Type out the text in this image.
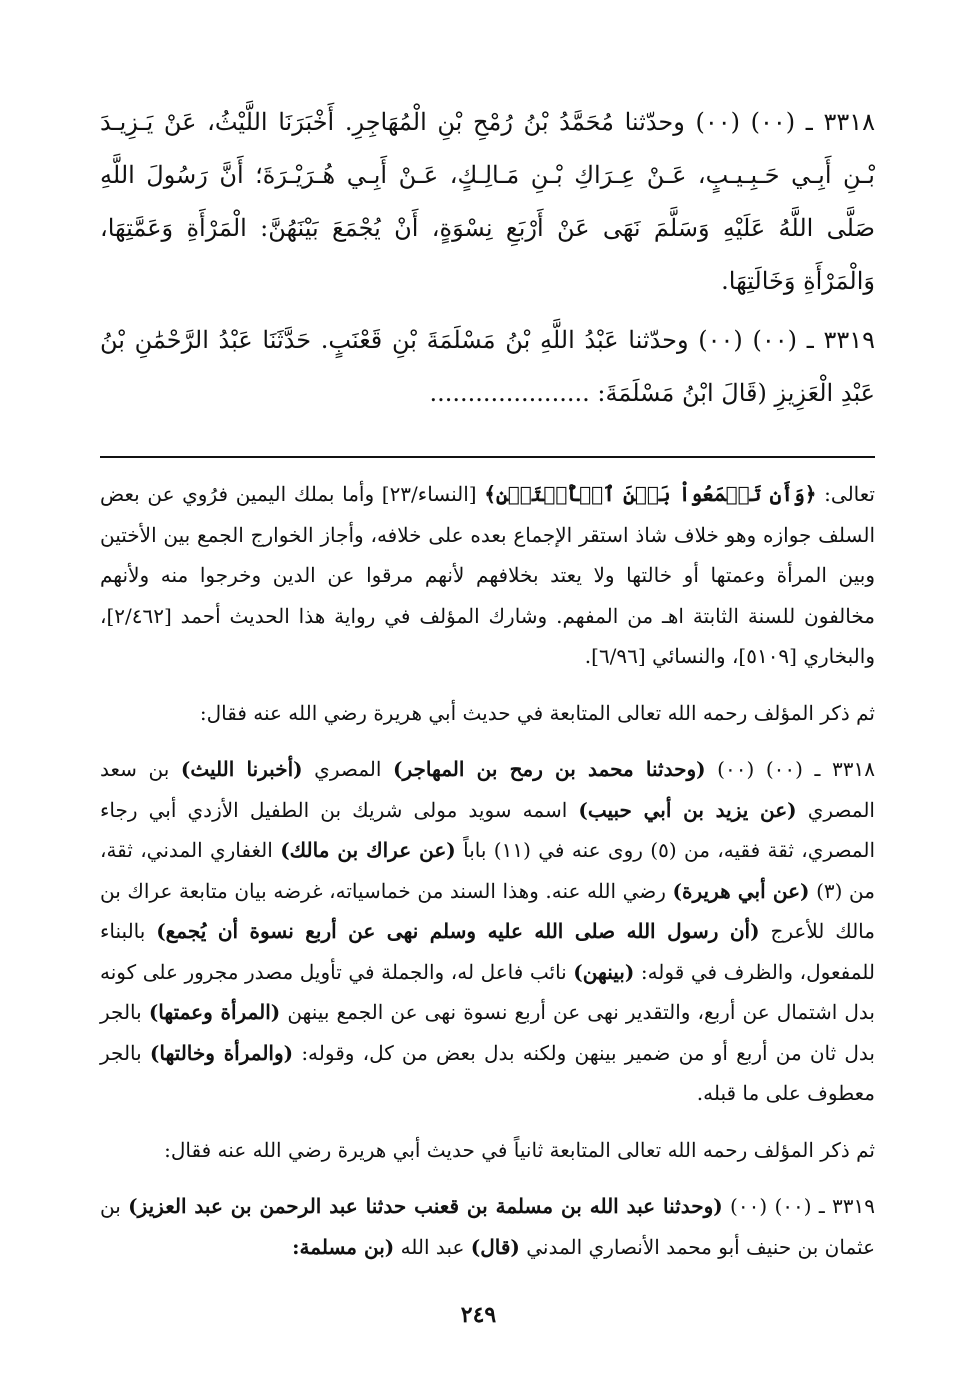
٣٣١٨ ـ (٠٠) (٠٠) وحدّثنا مُحَمَّدُ بْنُ رُمْحِ بْنِ الْمُهَاجِرِ. أَخْبَرَنَا اللَّيْثُ، عَنْ يَـزِيـدَ بْـنِ أَبِـي حَـبِـيـبٍ، عَـنْ عِـرَاكِ بْـنِ مَـالِـكٍ، عَـنْ أَبِـي هُـرَيْـرَةَ؛ أَنَّ رَسُولَ اللَّهِ صَلَّى اللَّهُ عَلَيْهِ وَسَلَّمَ نَهَى عَنْ أَرْبَعِ نِسْوَةٍ، أَنْ يُجْمَعَ بَيْنَهُنَّ: الْمَرْأَةِ وَعَمَّتِهَا، وَالْمَرْأَةِ وَخَالَتِهَا.

٣٣١٩ ـ (٠٠) (٠٠) وحدّثنا عَبْدُ اللَّهِ بْنُ مَسْلَمَةَ بْنِ قَعْنَبٍ. حَدَّثَنَا عَبْدُ الرَّحْمَٰنِ بْنُ عَبْدِ الْعَزِيزِ (قَالَ ابْنُ مَسْلَمَةَ: .....................

تعالى: ﴿وَأَن تَجۡمَعُواْ بَيۡنَ ٱلۡأُخۡتَيۡنِ﴾ [النساء/٢٣] وأما بملك اليمين فرُوي عن بعض السلف جوازه وهو خلاف شاذ استقر الإجماع بعده على خلافه، وأجاز الخوارج الجمع بين الأختين وبين المرأة وعمتها أو خالتها ولا يعتد بخلافهم لأنهم مرقوا عن الدين وخرجوا منه ولأنهم مخالفون للسنة الثابتة اهـ من المفهم. وشارك المؤلف في رواية هذا الحديث أحمد [٢/٤٦٢]، والبخاري [٥١٠٩]، والنسائي [٦/٩٦].

ثم ذكر المؤلف رحمه الله تعالى المتابعة في حديث أبي هريرة رضي الله عنه فقال:

٣٣١٨ ـ (٠٠) (٠٠) (وحدثنا محمد بن رمح بن المهاجر) المصري (أخبرنا الليث) بن سعد المصري (عن يزيد بن أبي حبيب) اسمه سويد مولى شريك بن الطفيل الأزدي أبي رجاء المصري، ثقة فقيه، من (٥) روى عنه في (١١) باباً (عن عراك بن مالك) الغفاري المدني، ثقة، من (٣) (عن أبي هريرة) رضي الله عنه. وهذا السند من خماسياته، غرضه بيان متابعة عراك بن مالك للأعرج (أن رسول الله صلى الله عليه وسلم نهى عن أربع نسوة أن يُجمع) بالبناء للمفعول، والظرف في قوله: (بينهن) نائب فاعل له، والجملة في تأويل مصدر مجرور على كونه بدل اشتمال عن أربع، والتقدير نهى عن أربع نسوة نهى عن الجمع بينهن (المرأة وعمتها) بالجر بدل ثان من أربع أو من ضمير بينهن ولكنه بدل بعض من كل، وقوله: (والمرأة وخالتها) بالجر معطوف على ما قبله.

ثم ذكر المؤلف رحمه الله تعالى المتابعة ثانياً في حديث أبي هريرة رضي الله عنه فقال:

٣٣١٩ ـ (٠٠) (٠٠) (وحدثنا عبد الله بن مسلمة بن قعنب حدثنا عبد الرحمن بن عبد العزيز) بن عثمان بن حنيف أبو محمد الأنصاري المدني (قال) عبد الله (بن مسلمة:

٢٤٩
